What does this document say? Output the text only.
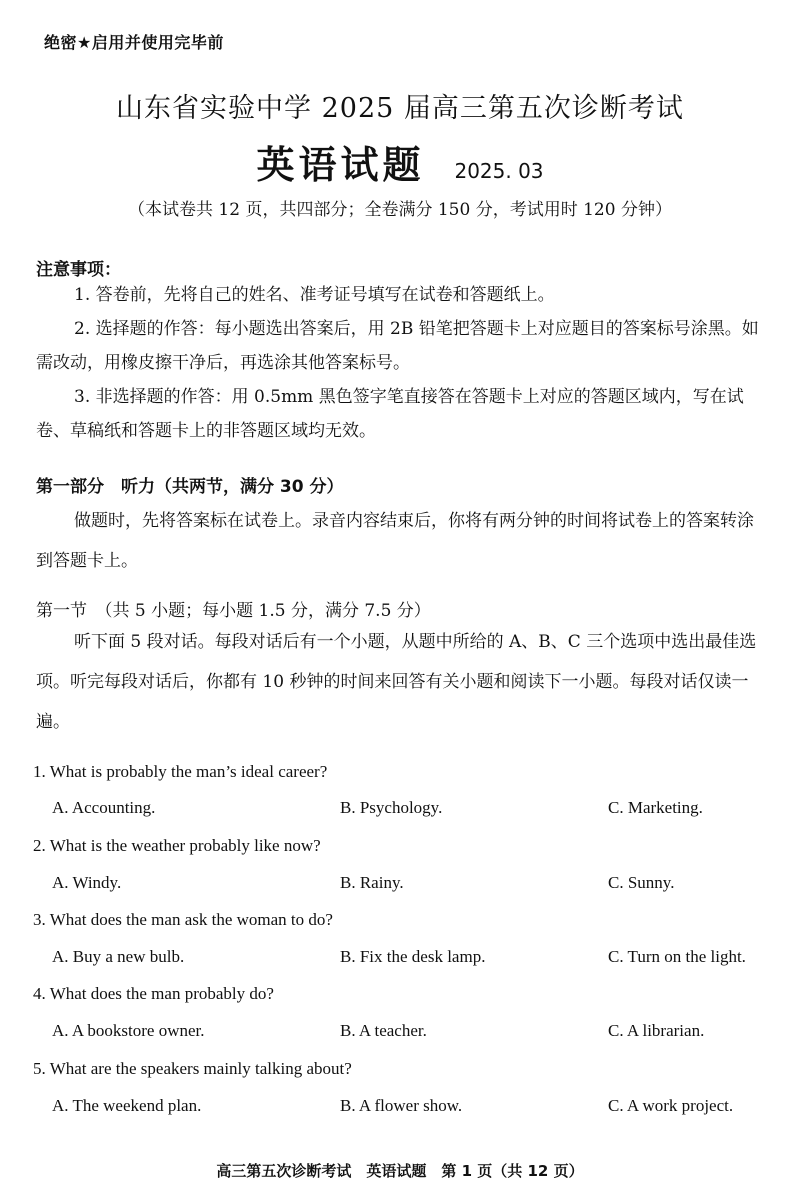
绝密★启用并使用完毕前
山东省实验中学 2025 届高三第五次诊断考试
英语试题 2025. 03
（本试卷共 12 页，共四部分；全卷满分 150 分，考试用时 120 分钟）
注意事项：

1. 答卷前，先将自己的姓名、准考证号填写在试卷和答题纸上。

2. 选择题的作答：每小题选出答案后，用 2B 铅笔把答题卡上对应题目的答案标号涂黑。如需改动，用橡皮擦干净后，再选涂其他答案标号。

3. 非选择题的作答：用 0.5mm 黑色签字笔直接答在答题卡上对应的答题区域内，写在试卷、草稿纸和答题卡上的非答题区域均无效。

第一部分　听力（共两节，满分 30 分）

做题时，先将答案标在试卷上。录音内容结束后，你将有两分钟的时间将试卷上的答案转涂到答题卡上。

第一节　（共 5 小题；每小题 1.5 分，满分 7.5 分）

听下面 5 段对话。每段对话后有一个小题，从题中所给的 A、B、C 三个选项中选出最佳选项。听完每段对话后，你都有 10 秒钟的时间来回答有关小题和阅读下一小题。每段对话仅读一遍。

1. What is probably the man’s ideal career?
A. Accounting.	B. Psychology.	C. Marketing.
2. What is the weather probably like now?
A. Windy.	B. Rainy.	C. Sunny.
3. What does the man ask the woman to do?
A. Buy a new bulb.	B. Fix the desk lamp.	C. Turn on the light.
4. What does the man probably do?
A. A bookstore owner.	B. A teacher.	C. A librarian.
5. What are the speakers mainly talking about?
A. The weekend plan.	B. A flower show.	C. A work project.
高三第五次诊断考试　英语试题　第 1 页（共 12 页）
